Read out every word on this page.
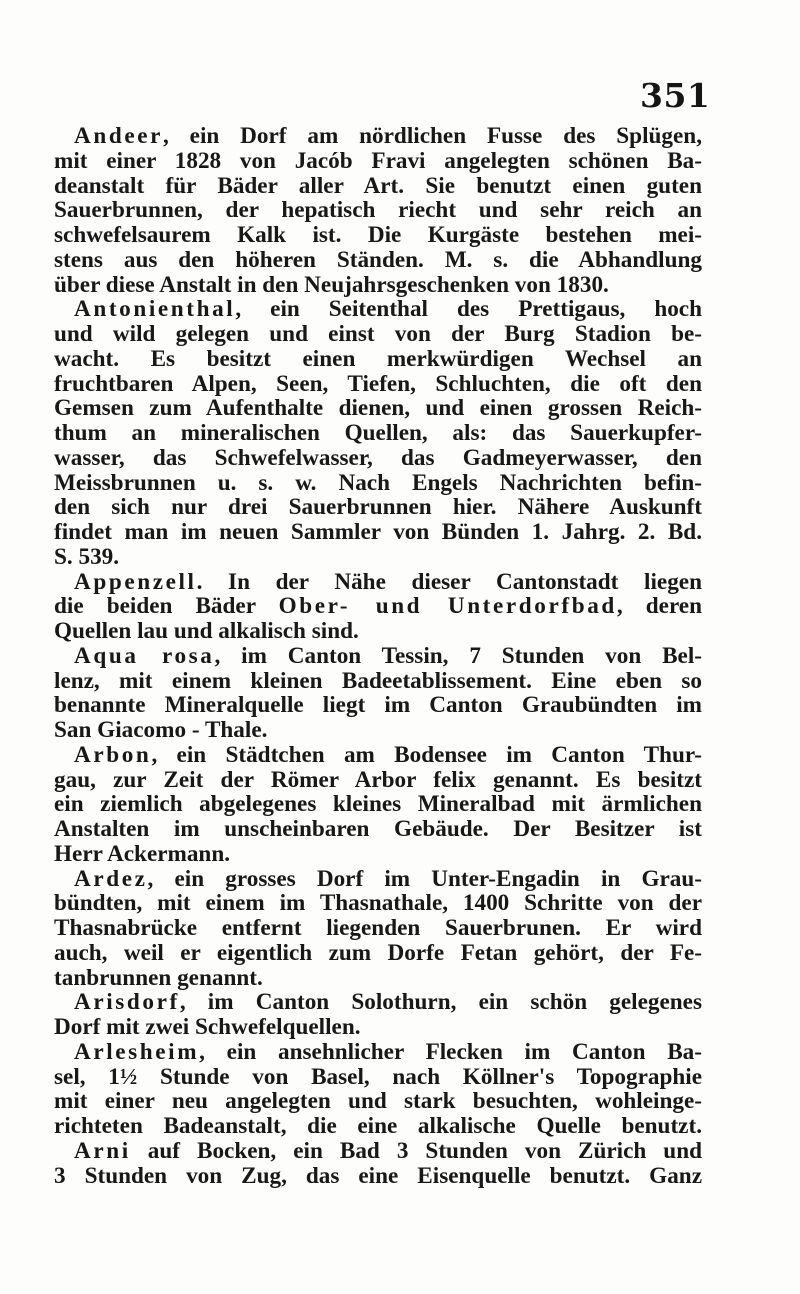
351
Andeer, ein Dorf am nördlichen Fusse des Splügen,
mit einer 1828 von Jacób Fravi angelegten schönen Ba-
deanstalt für Bäder aller Art. Sie benutzt einen guten
Sauerbrunnen, der hepatisch riecht und sehr reich an
schwefelsaurem Kalk ist. Die Kurgäste bestehen mei-
stens aus den höheren Ständen. M. s. die Abhandlung
über diese Anstalt in den Neujahrsgeschenken von 1830.
Antonienthal, ein Seitenthal des Prettigaus, hoch
und wild gelegen und einst von der Burg Stadion be-
wacht. Es besitzt einen merkwürdigen Wechsel an
fruchtbaren Alpen, Seen, Tiefen, Schluchten, die oft den
Gemsen zum Aufenthalte dienen, und einen grossen Reich-
thum an mineralischen Quellen, als: das Sauerkupfer-
wasser, das Schwefelwasser, das Gadmeyerwasser, den
Meissbrunnen u. s. w. Nach Engels Nachrichten befin-
den sich nur drei Sauerbrunnen hier. Nähere Auskunft
findet man im neuen Sammler von Bünden 1. Jahrg. 2. Bd.
S. 539.
Appenzell. In der Nähe dieser Cantonstadt liegen
die beiden Bäder Ober- und Unterdorfbad, deren
Quellen lau und alkalisch sind.
Aqua rosa, im Canton Tessin, 7 Stunden von Bel-
lenz, mit einem kleinen Badeetablissement. Eine eben so
benannte Mineralquelle liegt im Canton Graubündten im
San Giacomo - Thale.
Arbon, ein Städtchen am Bodensee im Canton Thur-
gau, zur Zeit der Römer Arbor felix genannt. Es besitzt
ein ziemlich abgelegenes kleines Mineralbad mit ärmlichen
Anstalten im unscheinbaren Gebäude. Der Besitzer ist
Herr Ackermann.
Ardez, ein grosses Dorf im Unter-Engadin in Grau-
bündten, mit einem im Thasnathale, 1400 Schritte von der
Thasnabrücke entfernt liegenden Sauerbrunen. Er wird
auch, weil er eigentlich zum Dorfe Fetan gehört, der Fe-
tanbrunnen genannt.
Arisdorf, im Canton Solothurn, ein schön gelegenes
Dorf mit zwei Schwefelquellen.
Arlesheim, ein ansehnlicher Flecken im Canton Ba-
sel, 1½ Stunde von Basel, nach Köllner's Topographie
mit einer neu angelegten und stark besuchten, wohleinge-
richteten Badeanstalt, die eine alkalische Quelle benutzt.
Arni auf Bocken, ein Bad 3 Stunden von Zürich und
3 Stunden von Zug, das eine Eisenquelle benutzt. Ganz
